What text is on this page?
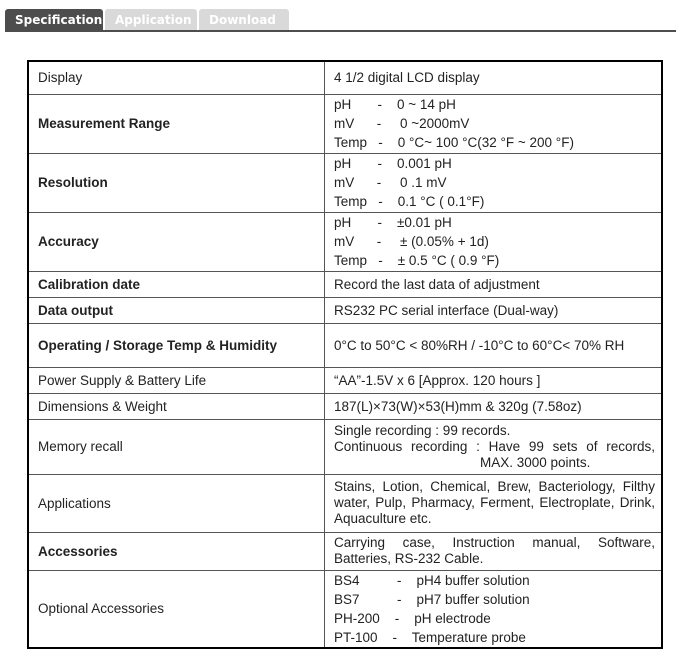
Specification	Application	Download
Display	4 1/2 digital LCD display
Measurement Range	pH       -    0 ~ 14 pH
mV      -     0 ~2000mV
Temp   -    0 °C~ 100 °C(32 °F ~ 200 °F)

Resolution	pH       -    0.001 pH
mV      -     0 .1 mV
Temp   -    0.1 °C ( 0.1°F)

Accuracy	pH       -    ±0.01 pH
mV      -     ± (0.05% + 1d)
Temp   -    ± 0.5 °C ( 0.9 °F)

Calibration date	Record the last data of adjustment
Data output	RS232 PC serial interface (Dual-way)
Operating / Storage Temp & Humidity	0°C to 50°C < 80%RH / -10°C to 60°C< 70% RH
Power Supply & Battery Life	“AA”-1.5V x 6 [Approx. 120 hours ]
Dimensions & Weight	187(L)×73(W)×53(H)mm & 320g (7.58oz)
Memory recall	Single recording : 99 records.
Continuous recording : Have 99 sets of records,
MAX. 3000 points.

Applications	Stains, Lotion, Chemical, Brew, Bacteriology, Filthy water, Pulp, Pharmacy, Ferment, Electroplate, Drink, Aquaculture etc.
Accessories	Carrying case, Instruction manual, Software, Batteries, RS-232 Cable.
Optional Accessories	BS4          -    pH4 buffer solution
BS7          -    pH7 buffer solution
PH-200    -    pH electrode
PT-100    -    Temperature probe
